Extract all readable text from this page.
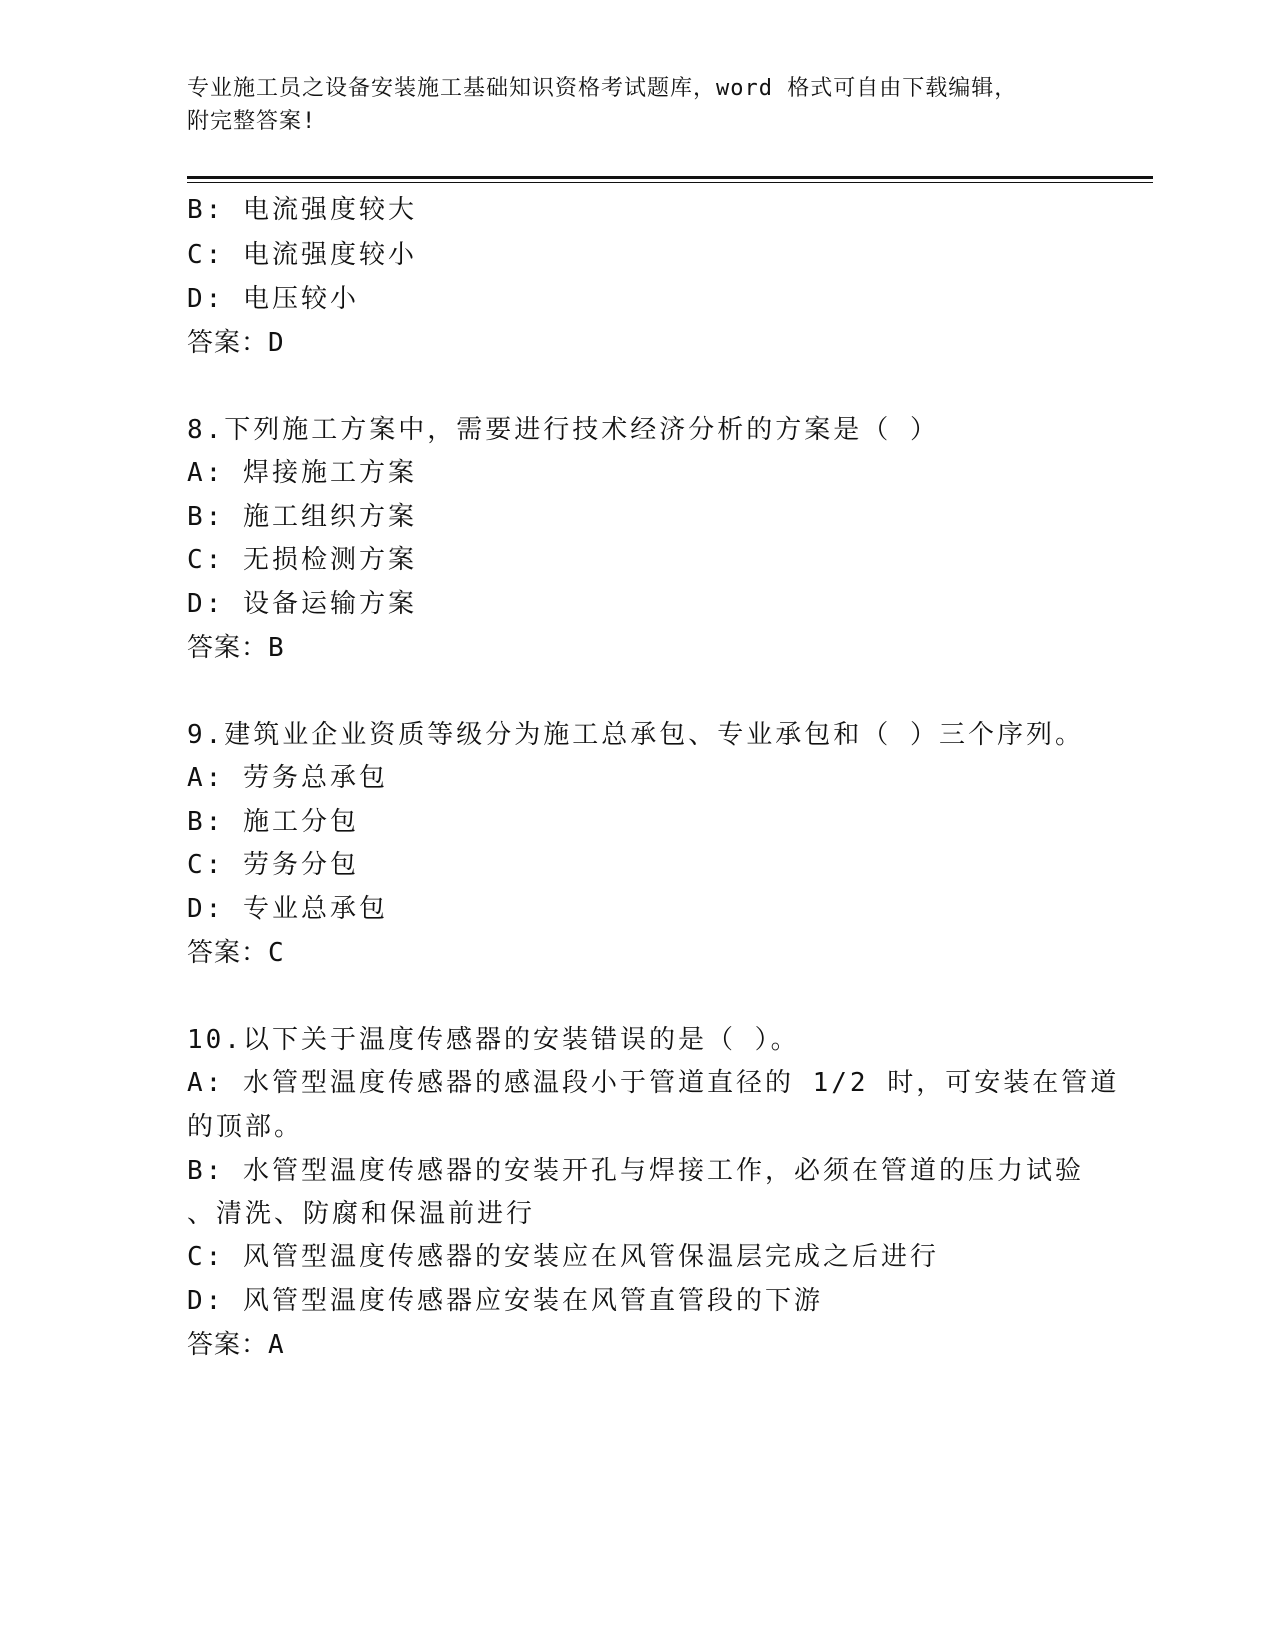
专业施工员之设备安装施工基础知识资格考试题库，word 格式可自由下载编辑，
附完整答案!
B: 电流强度较大
C: 电流强度较小
D: 电压较小
答案：D
8.下列施工方案中，需要进行技术经济分析的方案是（ ）
A: 焊接施工方案
B: 施工组织方案
C: 无损检测方案
D: 设备运输方案
答案：B
9.建筑业企业资质等级分为施工总承包、专业承包和（ ）三个序列。
A: 劳务总承包
B: 施工分包
C: 劳务分包
D: 专业总承包
答案：C
10.以下关于温度传感器的安装错误的是（ ）。
A: 水管型温度传感器的感温段小于管道直径的 1/2 时，可安装在管道
的顶部。
B: 水管型温度传感器的安装开孔与焊接工作，必须在管道的压力试验
、清洗、防腐和保温前进行
C: 风管型温度传感器的安装应在风管保温层完成之后进行
D: 风管型温度传感器应安装在风管直管段的下游
答案：A
